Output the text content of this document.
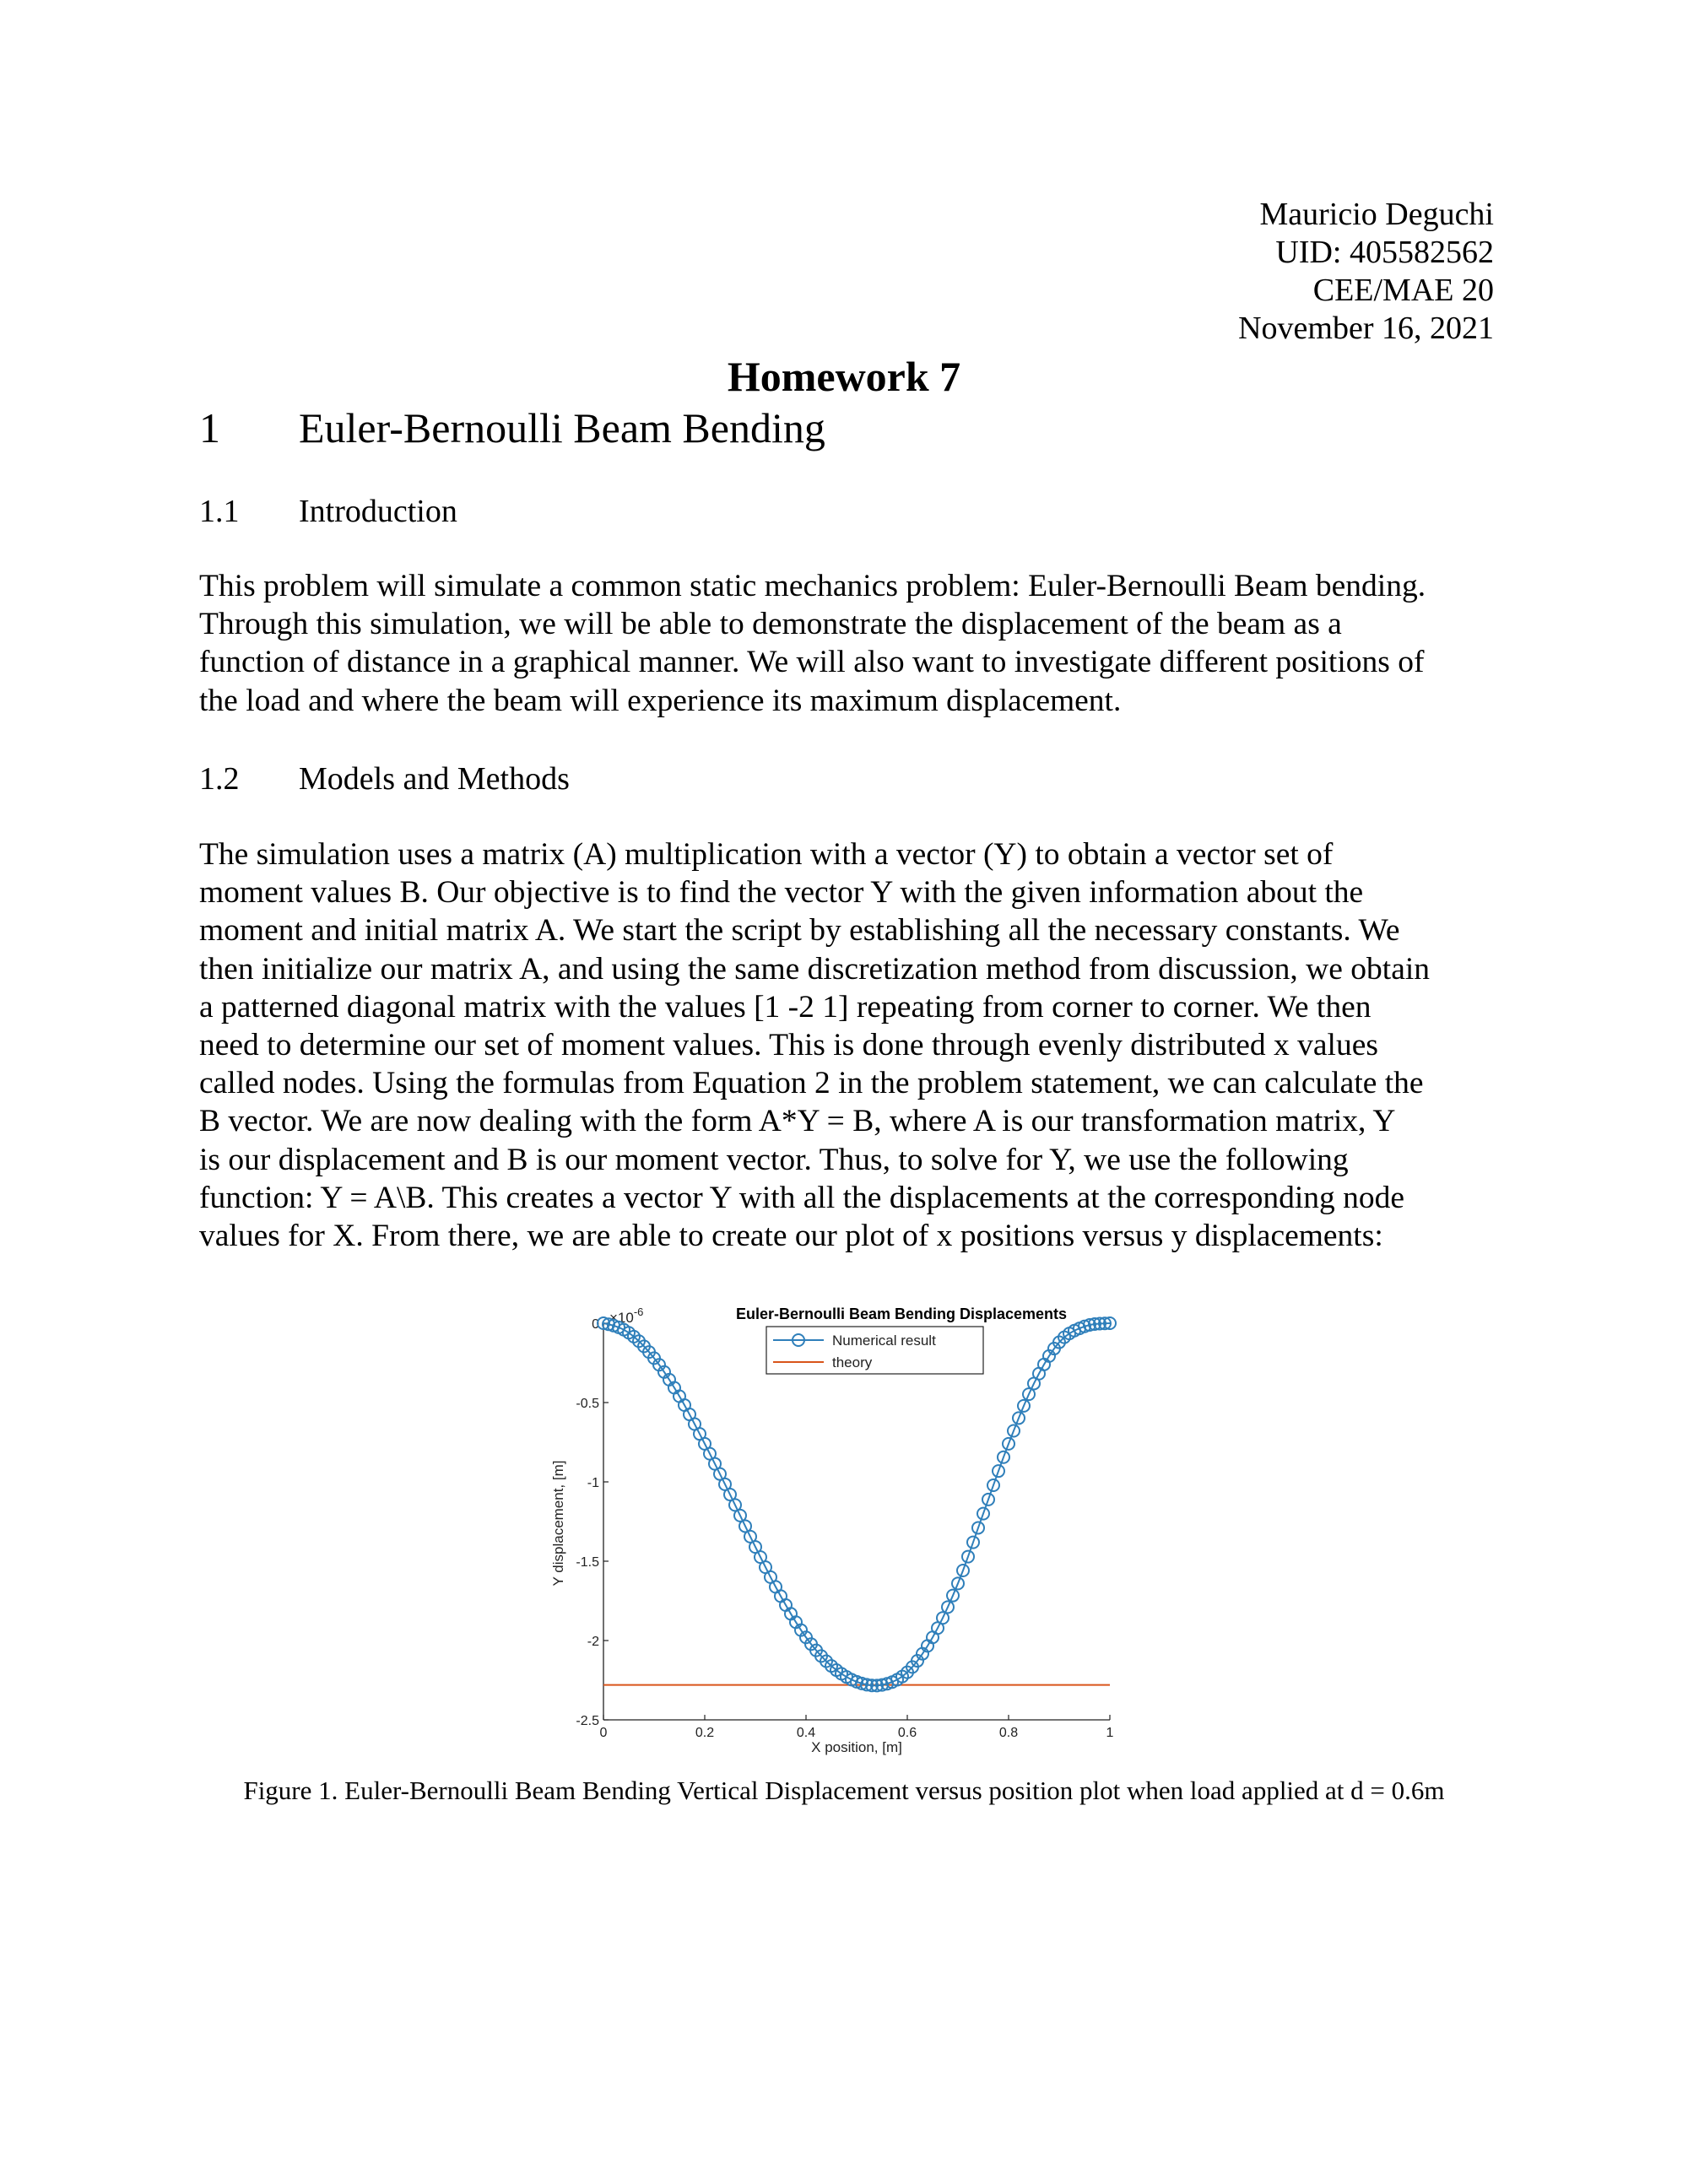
Mauricio Deguchi
UID: 405582562
CEE/MAE 20
November 16, 2021
Homework 7
1 Euler-Bernoulli Beam Bending
1.1 Introduction
This problem will simulate a common static mechanics problem: Euler-Bernoulli Beam bending.
Through this simulation, we will be able to demonstrate the displacement of the beam as a
function of distance in a graphical manner. We will also want to investigate different positions of
the load and where the beam will experience its maximum displacement.
1.2 Models and Methods
The simulation uses a matrix (A) multiplication with a vector (Y) to obtain a vector set of
moment values B. Our objective is to find the vector Y with the given information about the
moment and initial matrix A. We start the script by establishing all the necessary constants. We
then initialize our matrix A, and using the same discretization method from discussion, we obtain
a patterned diagonal matrix with the values [1 -2 1] repeating from corner to corner. We then
need to determine our set of moment values. This is done through evenly distributed x values
called nodes. Using the formulas from Equation 2 in the problem statement, we can calculate the
B vector. We are now dealing with the form A*Y = B, where A is our transformation matrix, Y
is our displacement and B is our moment vector. Thus, to solve for Y, we use the following
function: Y = A\B. This creates a vector Y with all the displacements at the corresponding node
values for X. From there, we are able to create our plot of x positions versus y displacements:
Euler-Bernoulli Beam Bending Displacements
$\times 10^{-6}$
X position, [m]
Y displacement, [m]
0	0.2	0.4	0.6	0.8	1
0
-0.5
-1
-1.5
-2
-2.5
Numerical result
theory
Figure 1. Euler-Bernoulli Beam Bending Vertical Displacement versus position plot when load applied at d = 0.6m
